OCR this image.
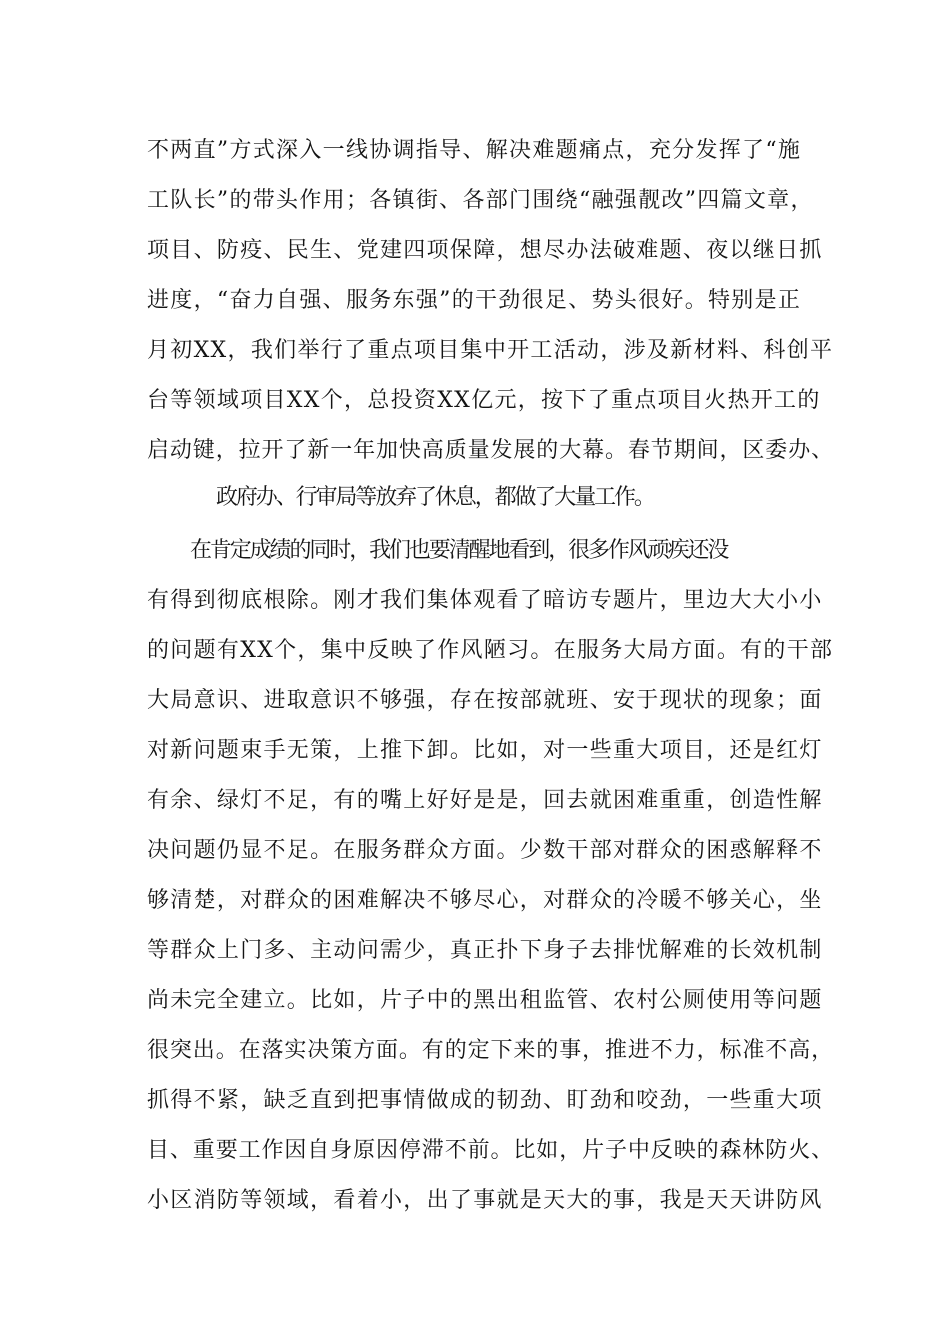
不两直”方式深入一线协调指导、解决难题痛点，充分发挥了“施
工队长”的带头作用；各镇街、各部门围绕“融强靓改”四篇文章，
项目、防疫、民生、党建四项保障，想尽办法破难题、夜以继日抓
进度，“奋力自强、服务东强”的干劲很足、势头很好。特别是正
月初XX，我们举行了重点项目集中开工活动，涉及新材料、科创平
台等领域项目XX个，总投资XX亿元，按下了重点项目火热开工的
启动键，拉开了新一年加快高质量发展的大幕。春节期间，区委办、
政府办、行审局等放弃了休息，都做了大量工作。
在肯定成绩的同时，我们也要清醒地看到，很多作风顽疾还没
有得到彻底根除。刚才我们集体观看了暗访专题片，里边大大小小
的问题有XX个，集中反映了作风陋习。在服务大局方面。有的干部
大局意识、进取意识不够强，存在按部就班、安于现状的现象；面
对新问题束手无策，上推下卸。比如，对一些重大项目，还是红灯
有余、绿灯不足，有的嘴上好好是是，回去就困难重重，创造性解
决问题仍显不足。在服务群众方面。少数干部对群众的困惑解释不
够清楚，对群众的困难解决不够尽心，对群众的冷暖不够关心，坐
等群众上门多、主动问需少，真正扑下身子去排忧解难的长效机制
尚未完全建立。比如，片子中的黑出租监管、农村公厕使用等问题
很突出。在落实决策方面。有的定下来的事，推进不力，标准不高，
抓得不紧，缺乏直到把事情做成的韧劲、盯劲和咬劲，一些重大项
目、重要工作因自身原因停滞不前。比如，片子中反映的森林防火、
小区消防等领域，看着小，出了事就是天大的事，我是天天讲防风
